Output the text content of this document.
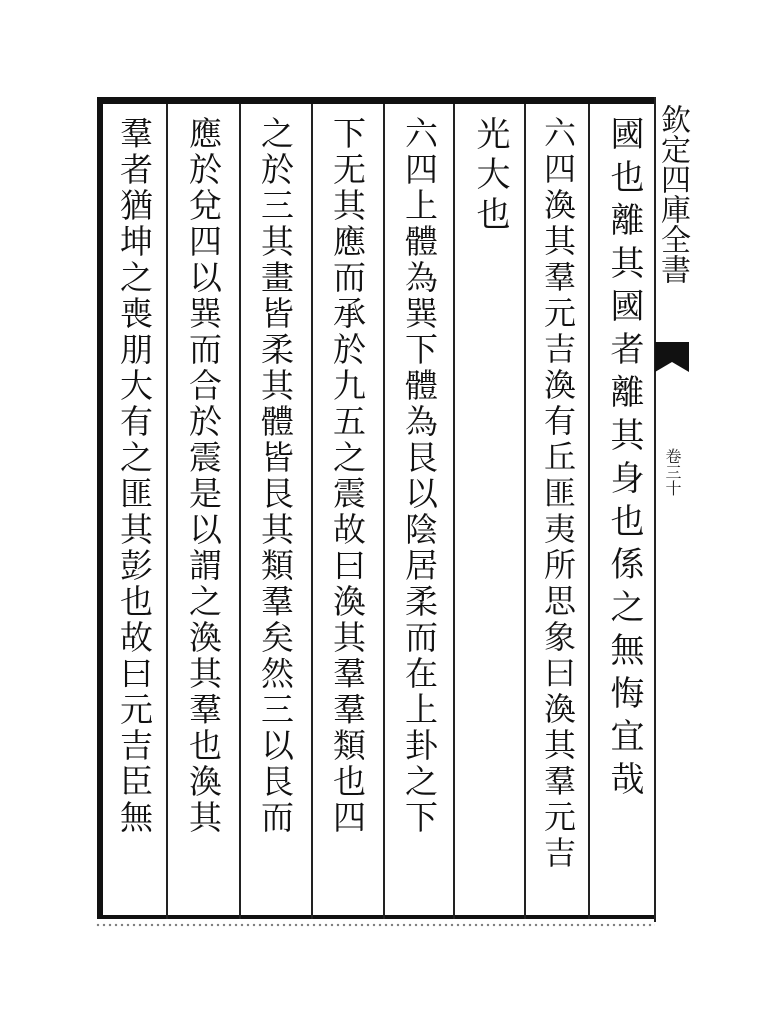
國也離其國者離其身也係之無悔宜哉
六四渙其羣元吉渙有丘匪夷所思象曰渙其羣元吉
光大也
六四上體為巽下體為艮以陰居柔而在上卦之下
下无其應而承於九五之震故曰渙其羣羣類也四
之於三其畫皆柔其體皆艮其類羣矣然三以艮而
應於兌四以巽而合於震是以謂之渙其羣也渙其
羣者猶坤之喪朋大有之匪其彭也故曰元吉臣無	欽定四庫全書
卷三十
